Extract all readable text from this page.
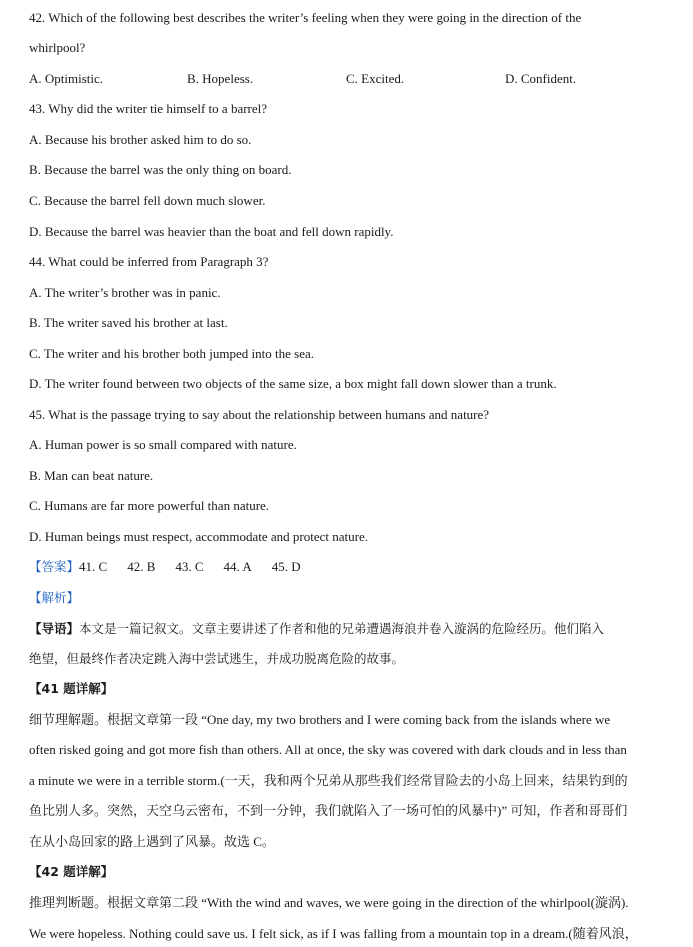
42. Which of the following best describes the writer’s feeling when they were going in the direction of the
whirlpool?
A. Optimistic.	B. Hopeless.	C. Excited.	D. Confident.
43. Why did the writer tie himself to a barrel?
A. Because his brother asked him to do so.
B. Because the barrel was the only thing on board.
C. Because the barrel fell down much slower.
D. Because the barrel was heavier than the boat and fell down rapidly.
44. What could be inferred from Paragraph 3?
A. The writer’s brother was in panic.
B. The writer saved his brother at last.
C. The writer and his brother both jumped into the sea.
D. The writer found between two objects of the same size, a box might fall down slower than a trunk.
45. What is the passage trying to say about the relationship between humans and nature?
A. Human power is so small compared with nature.
B. Man can beat nature.
C. Humans are far more powerful than nature.
D. Human beings must respect, accommodate and protect nature.
【答案】41. C 42. B 43. C 44. A 45. D
【解析】
【导语】本文是一篇记叙文。文章主要讲述了作者和他的兄弟遭遇海浪并卷入漩涡的危险经历。他们陷入
绝望，但最终作者决定跳入海中尝试逃生，并成功脱离危险的故事。
【41 题详解】
细节理解题。根据文章第一段 “One day, my two brothers and I were coming back from the islands where we
often risked going and got more fish than others. All at once, the sky was covered with dark clouds and in less than
a minute we were in a terrible storm.(一天，我和两个兄弟从那些我们经常冒险去的小岛上回来，结果钓到的
鱼比别人多。突然，天空乌云密布，不到一分钟，我们就陷入了一场可怕的风暴中)” 可知，作者和哥哥们
在从小岛回家的路上遇到了风暴。故选 C。
【42 题详解】
推理判断题。根据文章第二段 “With the wind and waves, we were going in the direction of the whirlpool(漩涡).
We were hopeless. Nothing could save us. I felt sick, as if I was falling from a mountain top in a dream.(随着风浪，
